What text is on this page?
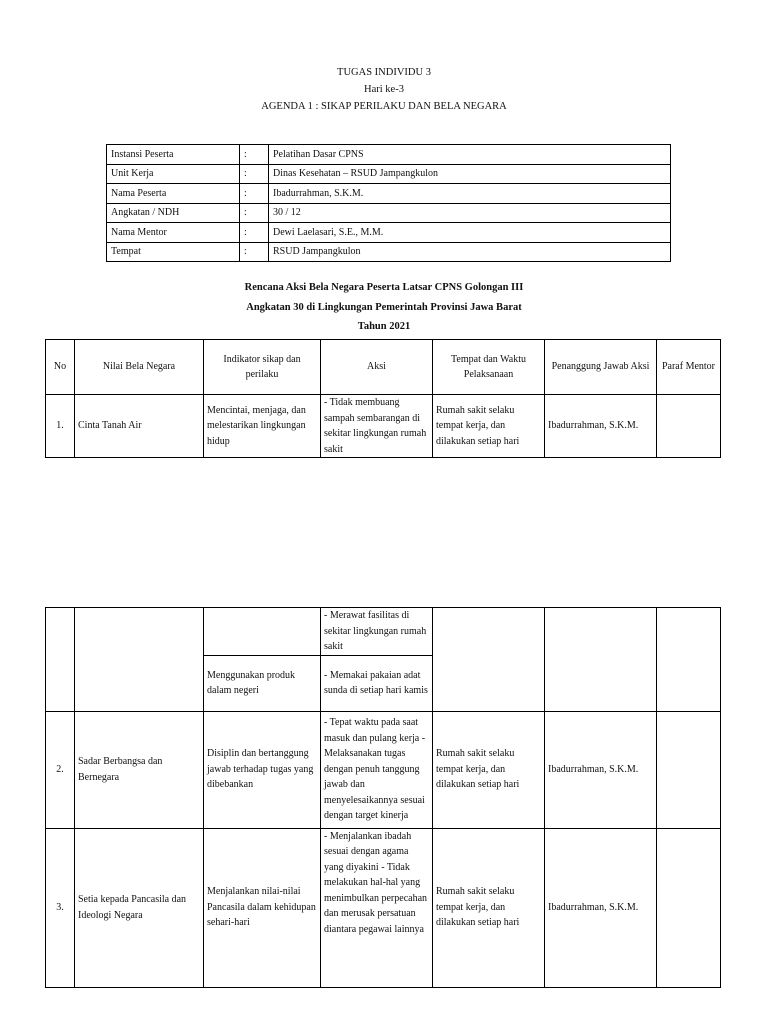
TUGAS INDIVIDU 3
Hari ke-3
AGENDA 1 : SIKAP PERILAKU DAN BELA NEGARA
Instansi Peserta	:	Pelatihan Dasar CPNS
Unit Kerja	:	Dinas Kesehatan – RSUD Jampangkulon
Nama Peserta	:	Ibadurrahman, S.K.M.
Angkatan / NDH	:	30 / 12
Nama Mentor	:	Dewi Laelasari, S.E., M.M.
Tempat	:	RSUD Jampangkulon
Rencana Aksi Bela Negara Peserta Latsar CPNS Golongan III
Angkatan 30 di Lingkungan Pemerintah Provinsi Jawa Barat
Tahun 2021
No	Nilai Bela Negara	Indikator sikap dan perilaku	Aksi	Tempat dan Waktu Pelaksanaan	Penanggung Jawab Aksi	Paraf Mentor
1.	Cinta Tanah Air	Mencintai, menjaga, dan melestarikan lingkungan hidup	- Tidak membuang sampah sembarangan di sekitar lingkungan rumah sakit	Rumah sakit selaku tempat kerja, dan dilakukan setiap hari	Ibadurrahman, S.K.M.	
			- Merawat fasilitas di sekitar lingkungan rumah sakit			
		Menggunakan produk dalam negeri	- Memakai pakaian adat sunda di setiap hari kamis			
2.	Sadar Berbangsa dan Bernegara	Disiplin dan bertanggung jawab terhadap tugas yang dibebankan	- Tepat waktu pada saat masuk dan pulang kerja - Melaksanakan tugas dengan penuh tanggung jawab dan menyelesaikannya sesuai dengan target kinerja	Rumah sakit selaku tempat kerja, dan dilakukan setiap hari	Ibadurrahman, S.K.M.	
3.	Setia kepada Pancasila dan Ideologi Negara	Menjalankan nilai-nilai Pancasila dalam kehidupan sehari-hari	- Menjalankan ibadah sesuai dengan agama yang diyakini - Tidak melakukan hal-hal yang menimbulkan perpecahan dan merusak persatuan diantara pegawai lainnya	Rumah sakit selaku tempat kerja, dan dilakukan setiap hari	Ibadurrahman, S.K.M.	
